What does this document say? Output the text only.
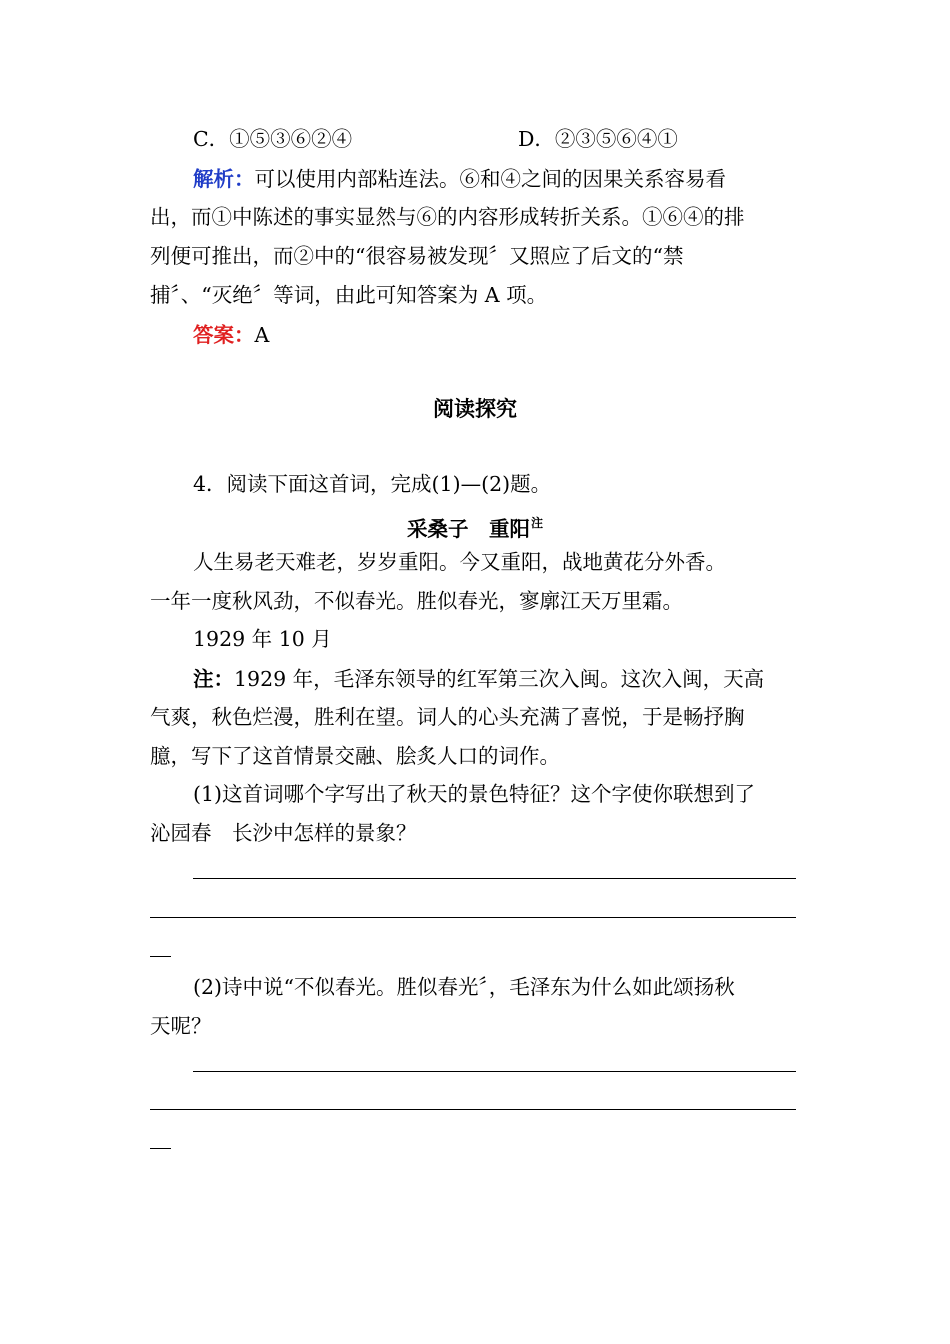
C．①⑤③⑥②④	D．②③⑤⑥④①
解析：可以使用内部粘连法。⑥和④之间的因果关系容易看
出，而①中陈述的事实显然与⑥的内容形成转折关系。①⑥④的排
列便可推出，而②中的“很容易被发现〞又照应了后文的“禁
捕〞、“灭绝〞等词，由此可知答案为 A 项。
答案：A
阅读探究
4．阅读下面这首词，完成(1)—(2)题。
采桑子　重阳$^注$
人生易老天难老，岁岁重阳。今又重阳，战地黄花分外香。
一年一度秋风劲，不似春光。胜似春光，寥廓江天万里霜。
1929 年 10 月
注：1929 年，毛泽东领导的红军第三次入闽。这次入闽，天高
气爽，秋色烂漫，胜利在望。词人的心头充满了喜悦，于是畅抒胸
臆，写下了这首情景交融、脍炙人口的词作。
(1)这首词哪个字写出了秋天的景色特征？这个字使你联想到了
沁园春　长沙中怎样的景象？
(2)诗中说“不似春光。胜似春光〞，毛泽东为什么如此颂扬秋
天呢？
